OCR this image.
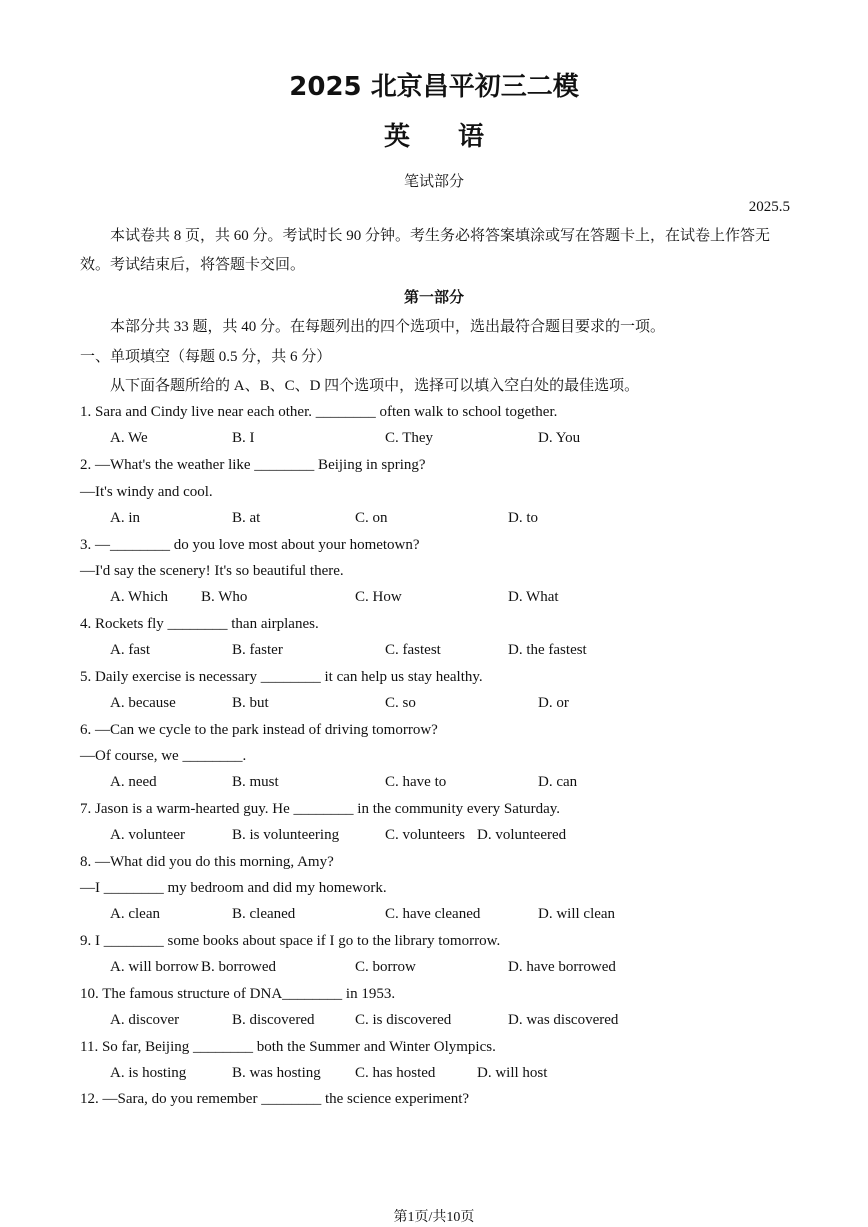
2025 北京昌平初三二模
英语
笔试部分
2025.5
本试卷共 8 页，共 60 分。考试时长 90 分钟。考生务必将答案填涂或写在答题卡上，在试卷上作答无效。考试结束后，将答题卡交回。
第一部分
本部分共 33 题，共 40 分。在每题列出的四个选项中，选出最符合题目要求的一项。
一、单项填空（每题 0.5 分，共 6 分）
从下面各题所给的 A、B、C、D 四个选项中，选择可以填入空白处的最佳选项。
1. Sara and Cindy live near each other. ________ often walk to school together.
A. We	B. I	C. They	D. You
2. —What's the weather like ________ Beijing in spring?
—It's windy and cool.
A. in	B. at	C. on	D. to
3. —________ do you love most about your hometown?
—I'd say the scenery! It's so beautiful there.
A. Which B. Who	C. How	D. What
4. Rockets fly ________ than airplanes.
A. fast	B. faster	C. fastest	D. the fastest
5. Daily exercise is necessary ________ it can help us stay healthy.
A. because	B. but	C. so	D. or
6. —Can we cycle to the park instead of driving tomorrow?
—Of course, we ________.
A. need	B. must	C. have to	D. can
7. Jason is a warm-hearted guy. He ________ in the community every Saturday.
A. volunteer	B. is volunteering	C. volunteers D. volunteered
8. —What did you do this morning, Amy?
—I ________ my bedroom and did my homework.
A. clean	B. cleaned	C. have cleaned	D. will clean
9. I ________ some books about space if I go to the library tomorrow.
A. will borrow B. borrowed	C. borrow	D. have borrowed
10. The famous structure of DNA________ in 1953.
A. discover	B. discovered	C. is discovered	D. was discovered
11. So far, Beijing ________ both the Summer and Winter Olympics.
A. is hosting	B. was hosting C. has hosted	D. will host
12. —Sara, do you remember ________ the science experiment?
第1页/共10页
